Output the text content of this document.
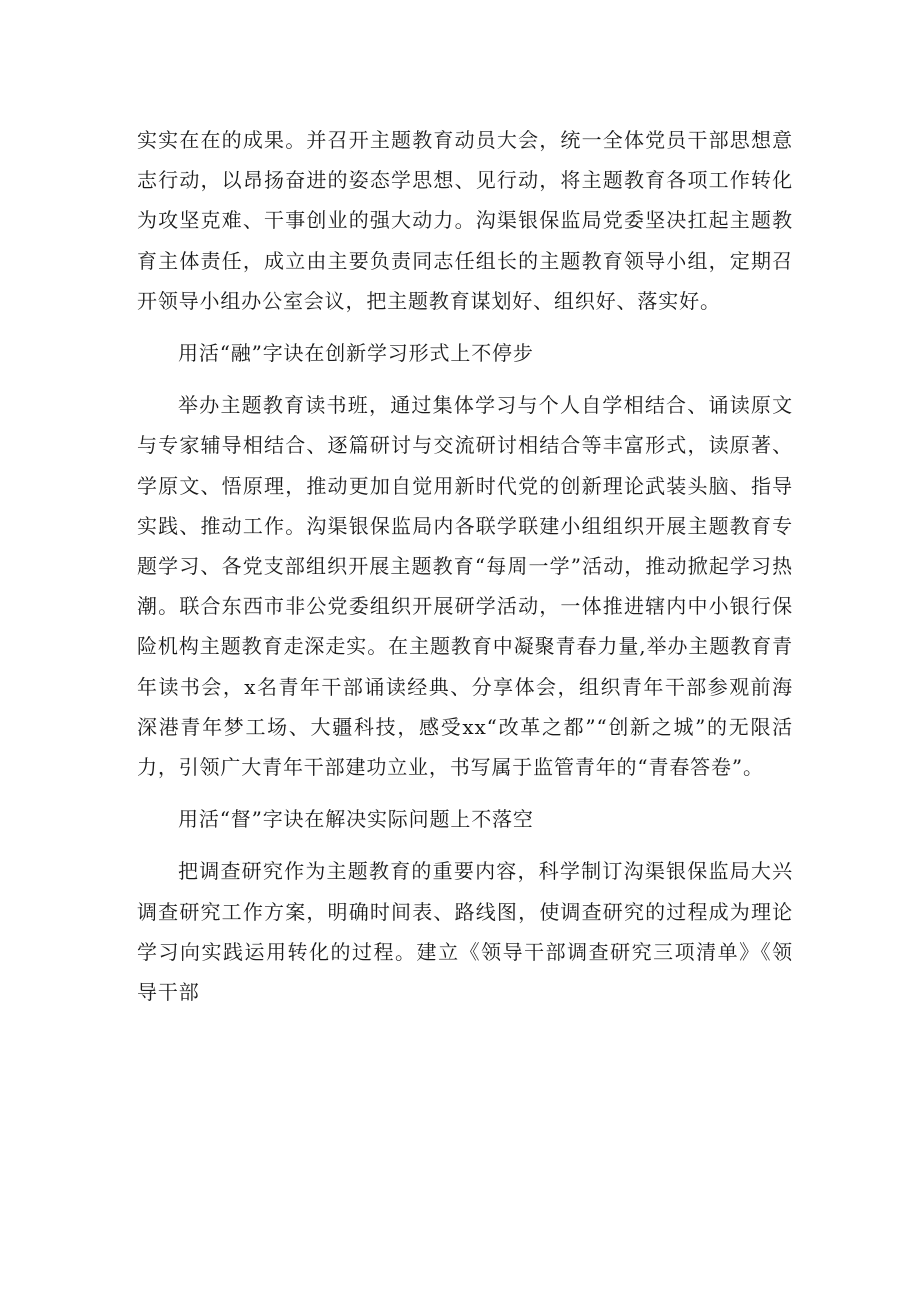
实实在在的成果。并召开主题教育动员大会，统一全体党员干部思想意志行动，以昂扬奋进的姿态学思想、见行动，将主题教育各项工作转化为攻坚克难、干事创业的强大动力。沟渠银保监局党委坚决扛起主题教育主体责任，成立由主要负责同志任组长的主题教育领导小组，定期召开领导小组办公室会议，把主题教育谋划好、组织好、落实好。

用活“融”字诀在创新学习形式上不停步

举办主题教育读书班，通过集体学习与个人自学相结合、诵读原文与专家辅导相结合、逐篇研讨与交流研讨相结合等丰富形式，读原著、学原文、悟原理，推动更加自觉用新时代党的创新理论武装头脑、指导实践、推动工作。沟渠银保监局内各联学联建小组组织开展主题教育专题学习、各党支部组织开展主题教育“每周一学”活动，推动掀起学习热潮。联合东西市非公党委组织开展研学活动，一体推进辖内中小银行保险机构主题教育走深走实。在主题教育中凝聚青春力量,举办主题教育青年读书会，x名青年干部诵读经典、分享体会，组织青年干部参观前海深港青年梦工场、大疆科技，感受xx“改革之都”“创新之城”的无限活力，引领广大青年干部建功立业，书写属于监管青年的“青春答卷”。

用活“督”字诀在解决实际问题上不落空

把调查研究作为主题教育的重要内容，科学制订沟渠银保监局大兴调查研究工作方案，明确时间表、路线图，使调查研究的过程成为理论学习向实践运用转化的过程。建立《领导干部调查研究三项清单》《领导干部
